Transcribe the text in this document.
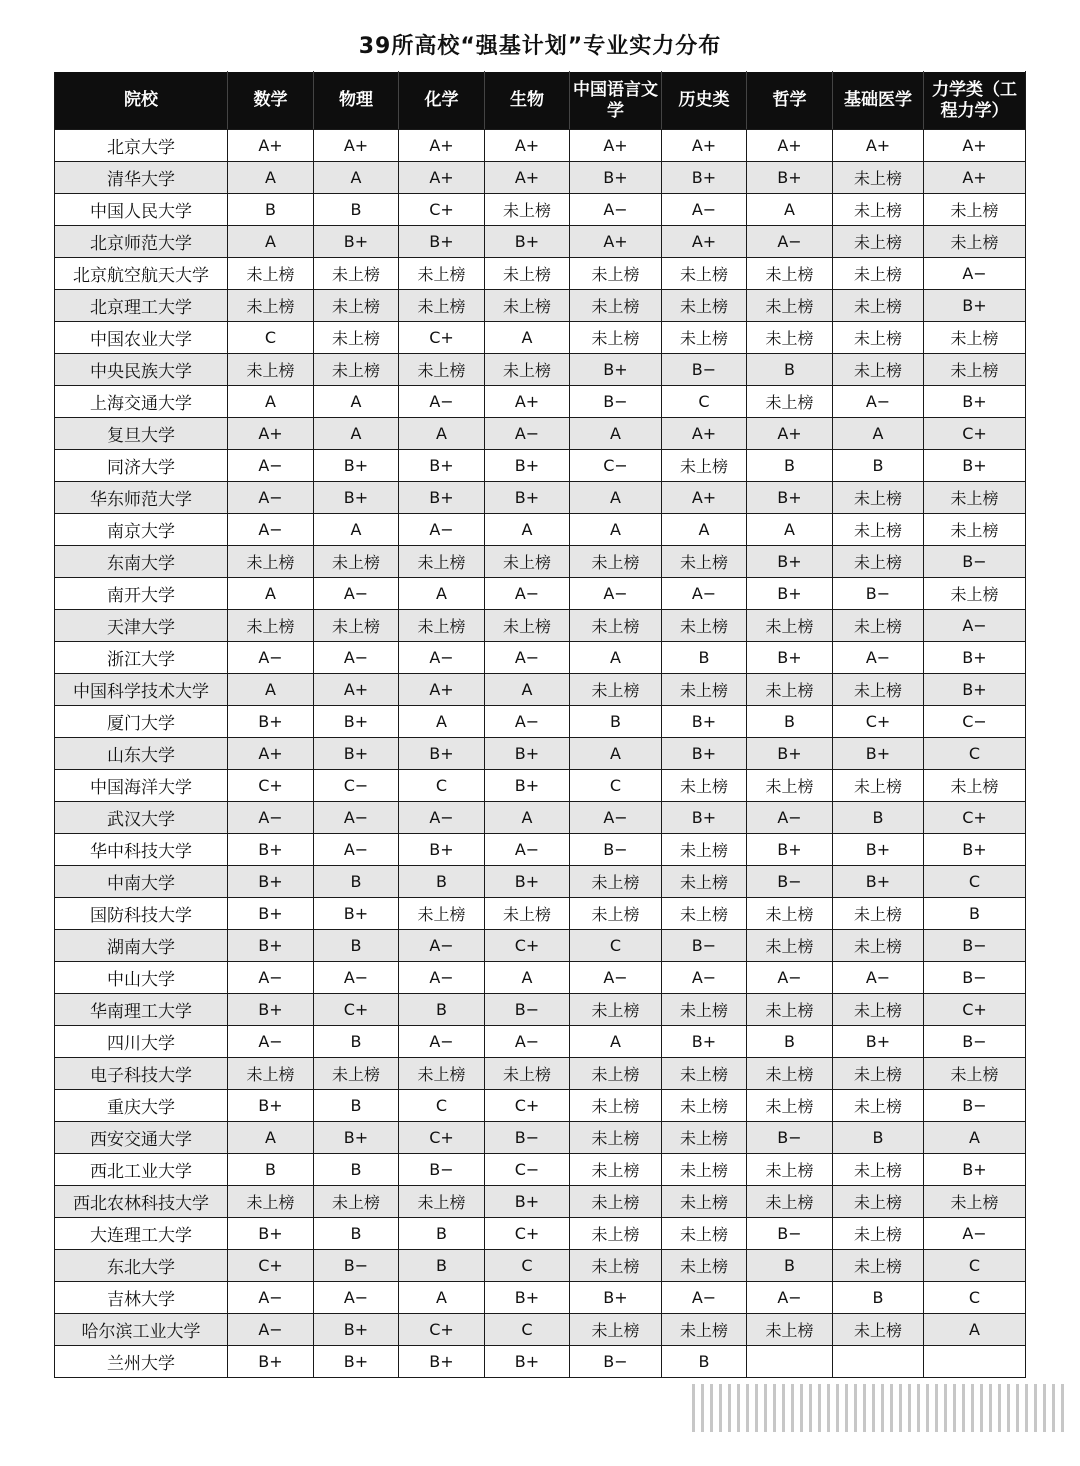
39所高校“强基计划”专业实力分布
院校	数学	物理	化学	生物	中国语言文学	历史类	哲学	基础医学	力学类（工程力学）
北京大学	A+	A+	A+	A+	A+	A+	A+	A+	A+
清华大学	A	A	A+	A+	B+	B+	B+	未上榜	A+
中国人民大学	B	B	C+	未上榜	A−	A−	A	未上榜	未上榜
北京师范大学	A	B+	B+	B+	A+	A+	A−	未上榜	未上榜
北京航空航天大学	未上榜	未上榜	未上榜	未上榜	未上榜	未上榜	未上榜	未上榜	A−
北京理工大学	未上榜	未上榜	未上榜	未上榜	未上榜	未上榜	未上榜	未上榜	B+
中国农业大学	C	未上榜	C+	A	未上榜	未上榜	未上榜	未上榜	未上榜
中央民族大学	未上榜	未上榜	未上榜	未上榜	B+	B−	B	未上榜	未上榜
上海交通大学	A	A	A−	A+	B−	C	未上榜	A−	B+
复旦大学	A+	A	A	A−	A	A+	A+	A	C+
同济大学	A−	B+	B+	B+	C−	未上榜	B	B	B+
华东师范大学	A−	B+	B+	B+	A	A+	B+	未上榜	未上榜
南京大学	A−	A	A−	A	A	A	A	未上榜	未上榜
东南大学	未上榜	未上榜	未上榜	未上榜	未上榜	未上榜	B+	未上榜	B−
南开大学	A	A−	A	A−	A−	A−	B+	B−	未上榜
天津大学	未上榜	未上榜	未上榜	未上榜	未上榜	未上榜	未上榜	未上榜	A−
浙江大学	A−	A−	A−	A−	A	B	B+	A−	B+
中国科学技术大学	A	A+	A+	A	未上榜	未上榜	未上榜	未上榜	B+
厦门大学	B+	B+	A	A−	B	B+	B	C+	C−
山东大学	A+	B+	B+	B+	A	B+	B+	B+	C
中国海洋大学	C+	C−	C	B+	C	未上榜	未上榜	未上榜	未上榜
武汉大学	A−	A−	A−	A	A−	B+	A−	B	C+
华中科技大学	B+	A−	B+	A−	B−	未上榜	B+	B+	B+
中南大学	B+	B	B	B+	未上榜	未上榜	B−	B+	C
国防科技大学	B+	B+	未上榜	未上榜	未上榜	未上榜	未上榜	未上榜	B
湖南大学	B+	B	A−	C+	C	B−	未上榜	未上榜	B−
中山大学	A−	A−	A−	A	A−	A−	A−	A−	B−
华南理工大学	B+	C+	B	B−	未上榜	未上榜	未上榜	未上榜	C+
四川大学	A−	B	A−	A−	A	B+	B	B+	B−
电子科技大学	未上榜	未上榜	未上榜	未上榜	未上榜	未上榜	未上榜	未上榜	未上榜
重庆大学	B+	B	C	C+	未上榜	未上榜	未上榜	未上榜	B−
西安交通大学	A	B+	C+	B−	未上榜	未上榜	B−	B	A
西北工业大学	B	B	B−	C−	未上榜	未上榜	未上榜	未上榜	B+
西北农林科技大学	未上榜	未上榜	未上榜	B+	未上榜	未上榜	未上榜	未上榜	未上榜
大连理工大学	B+	B	B	C+	未上榜	未上榜	B−	未上榜	A−
东北大学	C+	B−	B	C	未上榜	未上榜	B	未上榜	C
吉林大学	A−	A−	A	B+	B+	A−	A−	B	C
哈尔滨工业大学	A−	B+	C+	C	未上榜	未上榜	未上榜	未上榜	A
兰州大学	B+	B+	B+	B+	B−	B			
